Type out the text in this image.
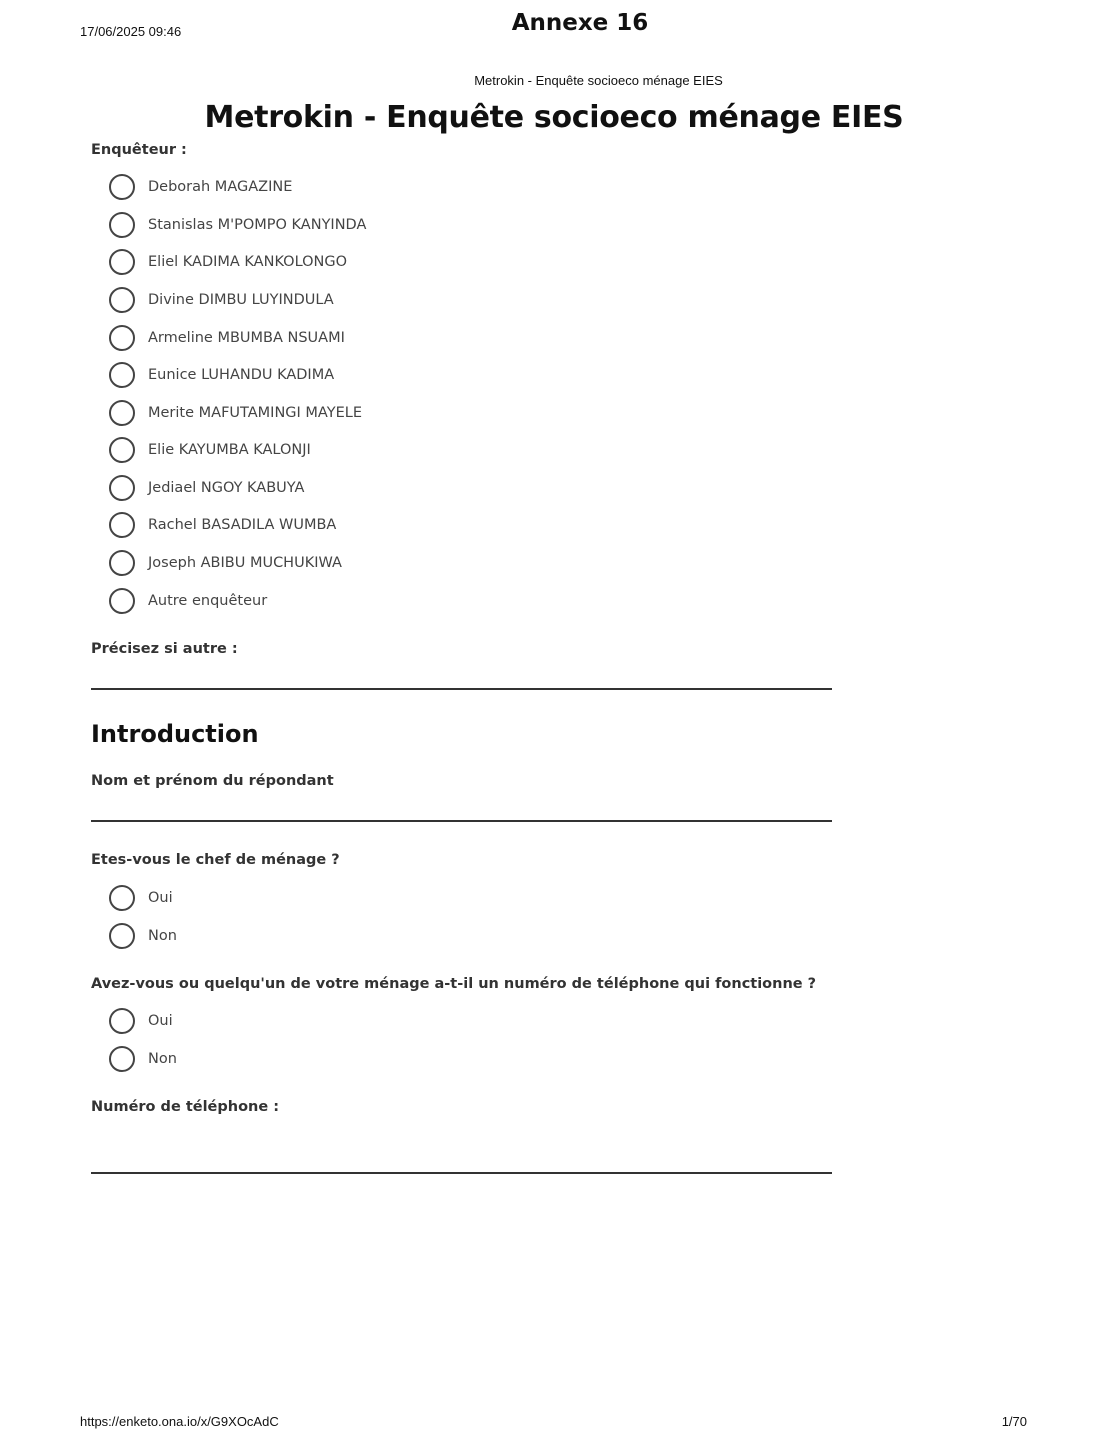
17/06/2025 09:46	Annexe 16
Metrokin - Enquête socioeco ménage EIES
Metrokin - Enquête socioeco ménage EIES
Enquêteur :
Deborah MAGAZINE
Stanislas M'POMPO KANYINDA
Eliel KADIMA KANKOLONGO
Divine DIMBU LUYINDULA
Armeline MBUMBA NSUAMI
Eunice LUHANDU KADIMA
Merite MAFUTAMINGI MAYELE
Elie KAYUMBA KALONJI
Jediael NGOY KABUYA
Rachel BASADILA WUMBA
Joseph ABIBU MUCHUKIWA
Autre enquêteur
Précisez si autre :
Introduction
Nom et prénom du répondant
Etes-vous le chef de ménage ?
Oui
Non
Avez-vous ou quelqu'un de votre ménage a-t-il un numéro de téléphone qui fonctionne ?
Oui
Non
Numéro de téléphone :
https://enketo.ona.io/x/G9XOcAdC	1/70
